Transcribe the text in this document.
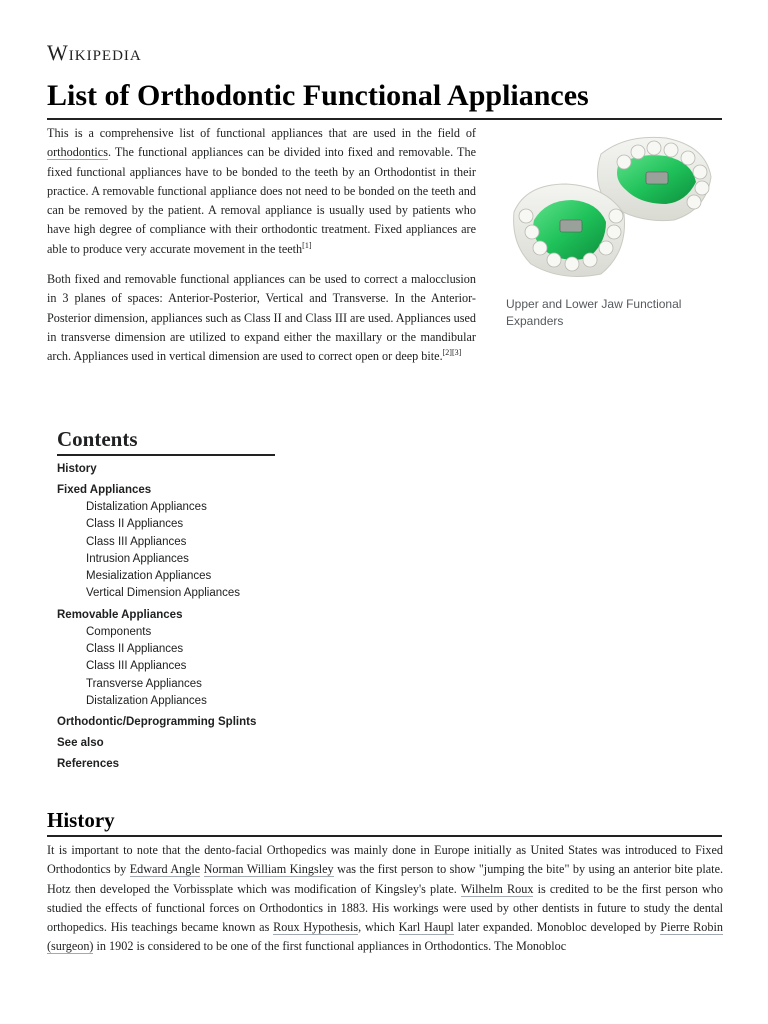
Wikipedia
List of Orthodontic Functional Appliances

This is a comprehensive list of functional appliances that are used in the field of orthodontics. The functional appliances can be divided into fixed and removable. The fixed functional appliances have to be bonded to the teeth by an Orthodontist in their practice. A removable functional appliance does not need to be bonded on the teeth and can be removed by the patient. A removal appliance is usually used by patients who have high degree of compliance with their orthodontic treatment. Fixed appliances are able to produce very accurate movement in the teeth[1]

Both fixed and removable functional appliances can be used to correct a malocclusion in 3 planes of spaces: Anterior-Posterior, Vertical and Transverse. In the Anterior-Posterior dimension, appliances such as Class II and Class III are used. Appliances used in transverse dimension are utilized to expand either the maxillary or the mandibular arch. Appliances used in vertical dimension are used to correct open or deep bite.[2][3]

Upper and Lower Jaw Functional Expanders
Contents
History
Fixed Appliances
Distalization Appliances
Class II Appliances
Class III Appliances
Intrusion Appliances
Mesialization Appliances
Vertical Dimension Appliances
Removable Appliances
Components
Class II Appliances
Class III Appliances
Transverse Appliances
Distalization Appliances
Orthodontic/Deprogramming Splints
See also
References
History

It is important to note that the dento-facial Orthopedics was mainly done in Europe initially as United States was introduced to Fixed Orthodontics by Edward Angle Norman William Kingsley was the first person to show "jumping the bite" by using an anterior bite plate. Hotz then developed the Vorbissplate which was modification of Kingsley's plate. Wilhelm Roux is credited to be the first person who studied the effects of functional forces on Orthodontics in 1883. His workings were used by other dentists in future to study the dental orthopedics. His teachings became known as Roux Hypothesis, which Karl Haupl later expanded. Monobloc developed by Pierre Robin (surgeon) in 1902 is considered to be one of the first functional appliances in Orthodontics. The Monobloc
